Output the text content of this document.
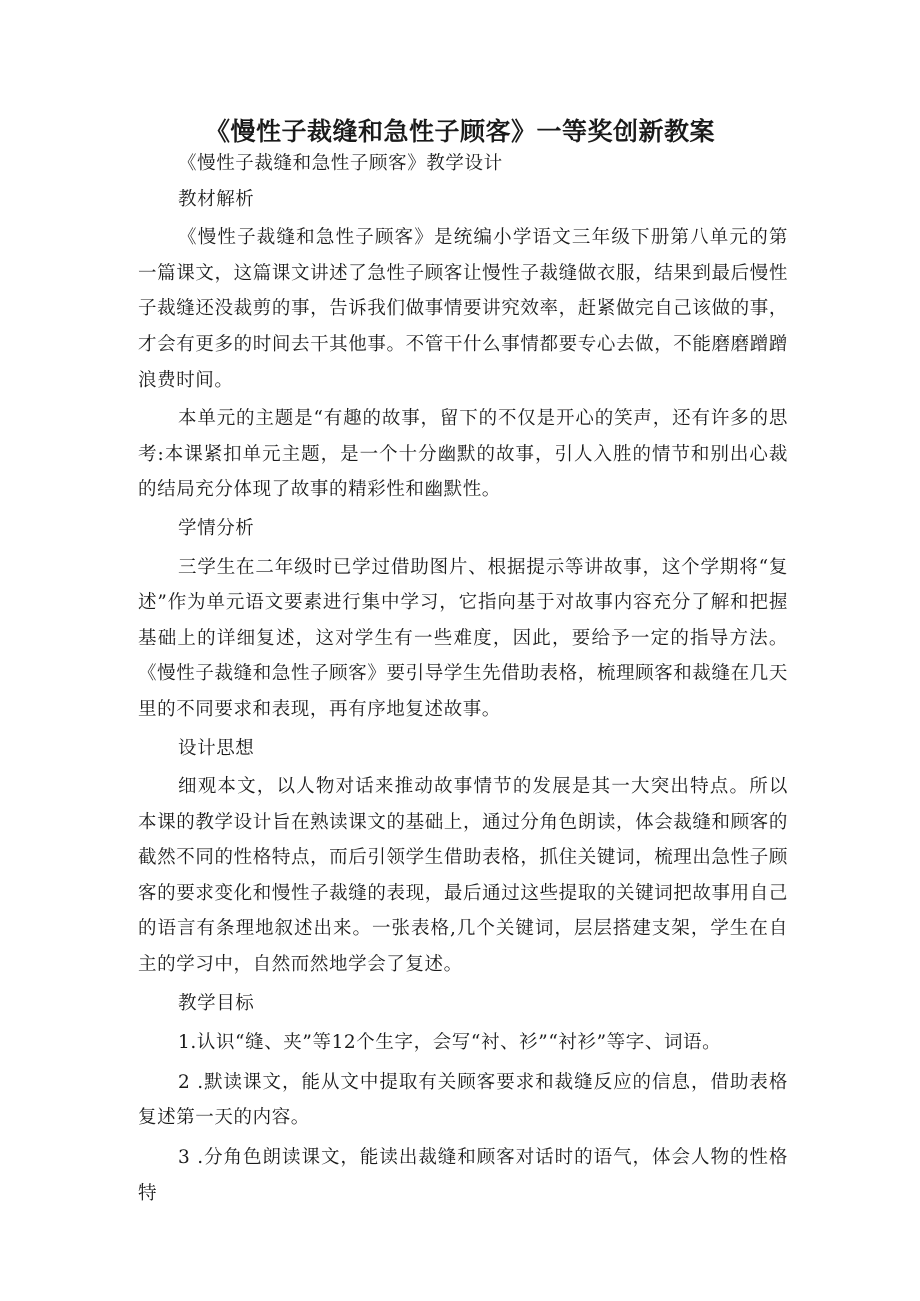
《慢性子裁缝和急性子顾客》一等奖创新教案
《慢性子裁缝和急性子顾客》教学设计
教材解析

《慢性子裁缝和急性子顾客》是统编小学语文三年级下册第八单元的第一篇课文，这篇课文讲述了急性子顾客让慢性子裁缝做衣服，结果到最后慢性子裁缝还没裁剪的事，告诉我们做事情要讲究效率，赶紧做完自己该做的事，才会有更多的时间去干其他事。不管干什么事情都要专心去做，不能磨磨蹭蹭浪费时间。

本单元的主题是“有趣的故事，留下的不仅是开心的笑声，还有许多的思考:本课紧扣单元主题，是一个十分幽默的故事，引人入胜的情节和别出心裁的结局充分体现了故事的精彩性和幽默性。

学情分析

三学生在二年级时已学过借助图片、根据提示等讲故事，这个学期将“复述”作为单元语文要素进行集中学习，它指向基于对故事内容充分了解和把握基础上的详细复述，这对学生有一些难度，因此，要给予一定的指导方法。《慢性子裁缝和急性子顾客》要引导学生先借助表格，梳理顾客和裁缝在几天里的不同要求和表现，再有序地复述故事。

设计思想

细观本文，以人物对话来推动故事情节的发展是其一大突出特点。所以本课的教学设计旨在熟读课文的基础上，通过分角色朗读，体会裁缝和顾客的截然不同的性格特点，而后引领学生借助表格，抓住关键词，梳理出急性子顾客的要求变化和慢性子裁缝的表现，最后通过这些提取的关键词把故事用自己的语言有条理地叙述出来。一张表格,几个关键词，层层搭建支架，学生在自主的学习中，自然而然地学会了复述。

教学目标
1.认识“缝、夹”等12个生字，会写“衬、衫”“衬衫”等字、词语。
2 .默读课文，能从文中提取有关顾客要求和裁缝反应的信息，借助表格复述第一天的内容。
3 .分角色朗读课文，能读出裁缝和顾客对话时的语气，体会人物的性格特
